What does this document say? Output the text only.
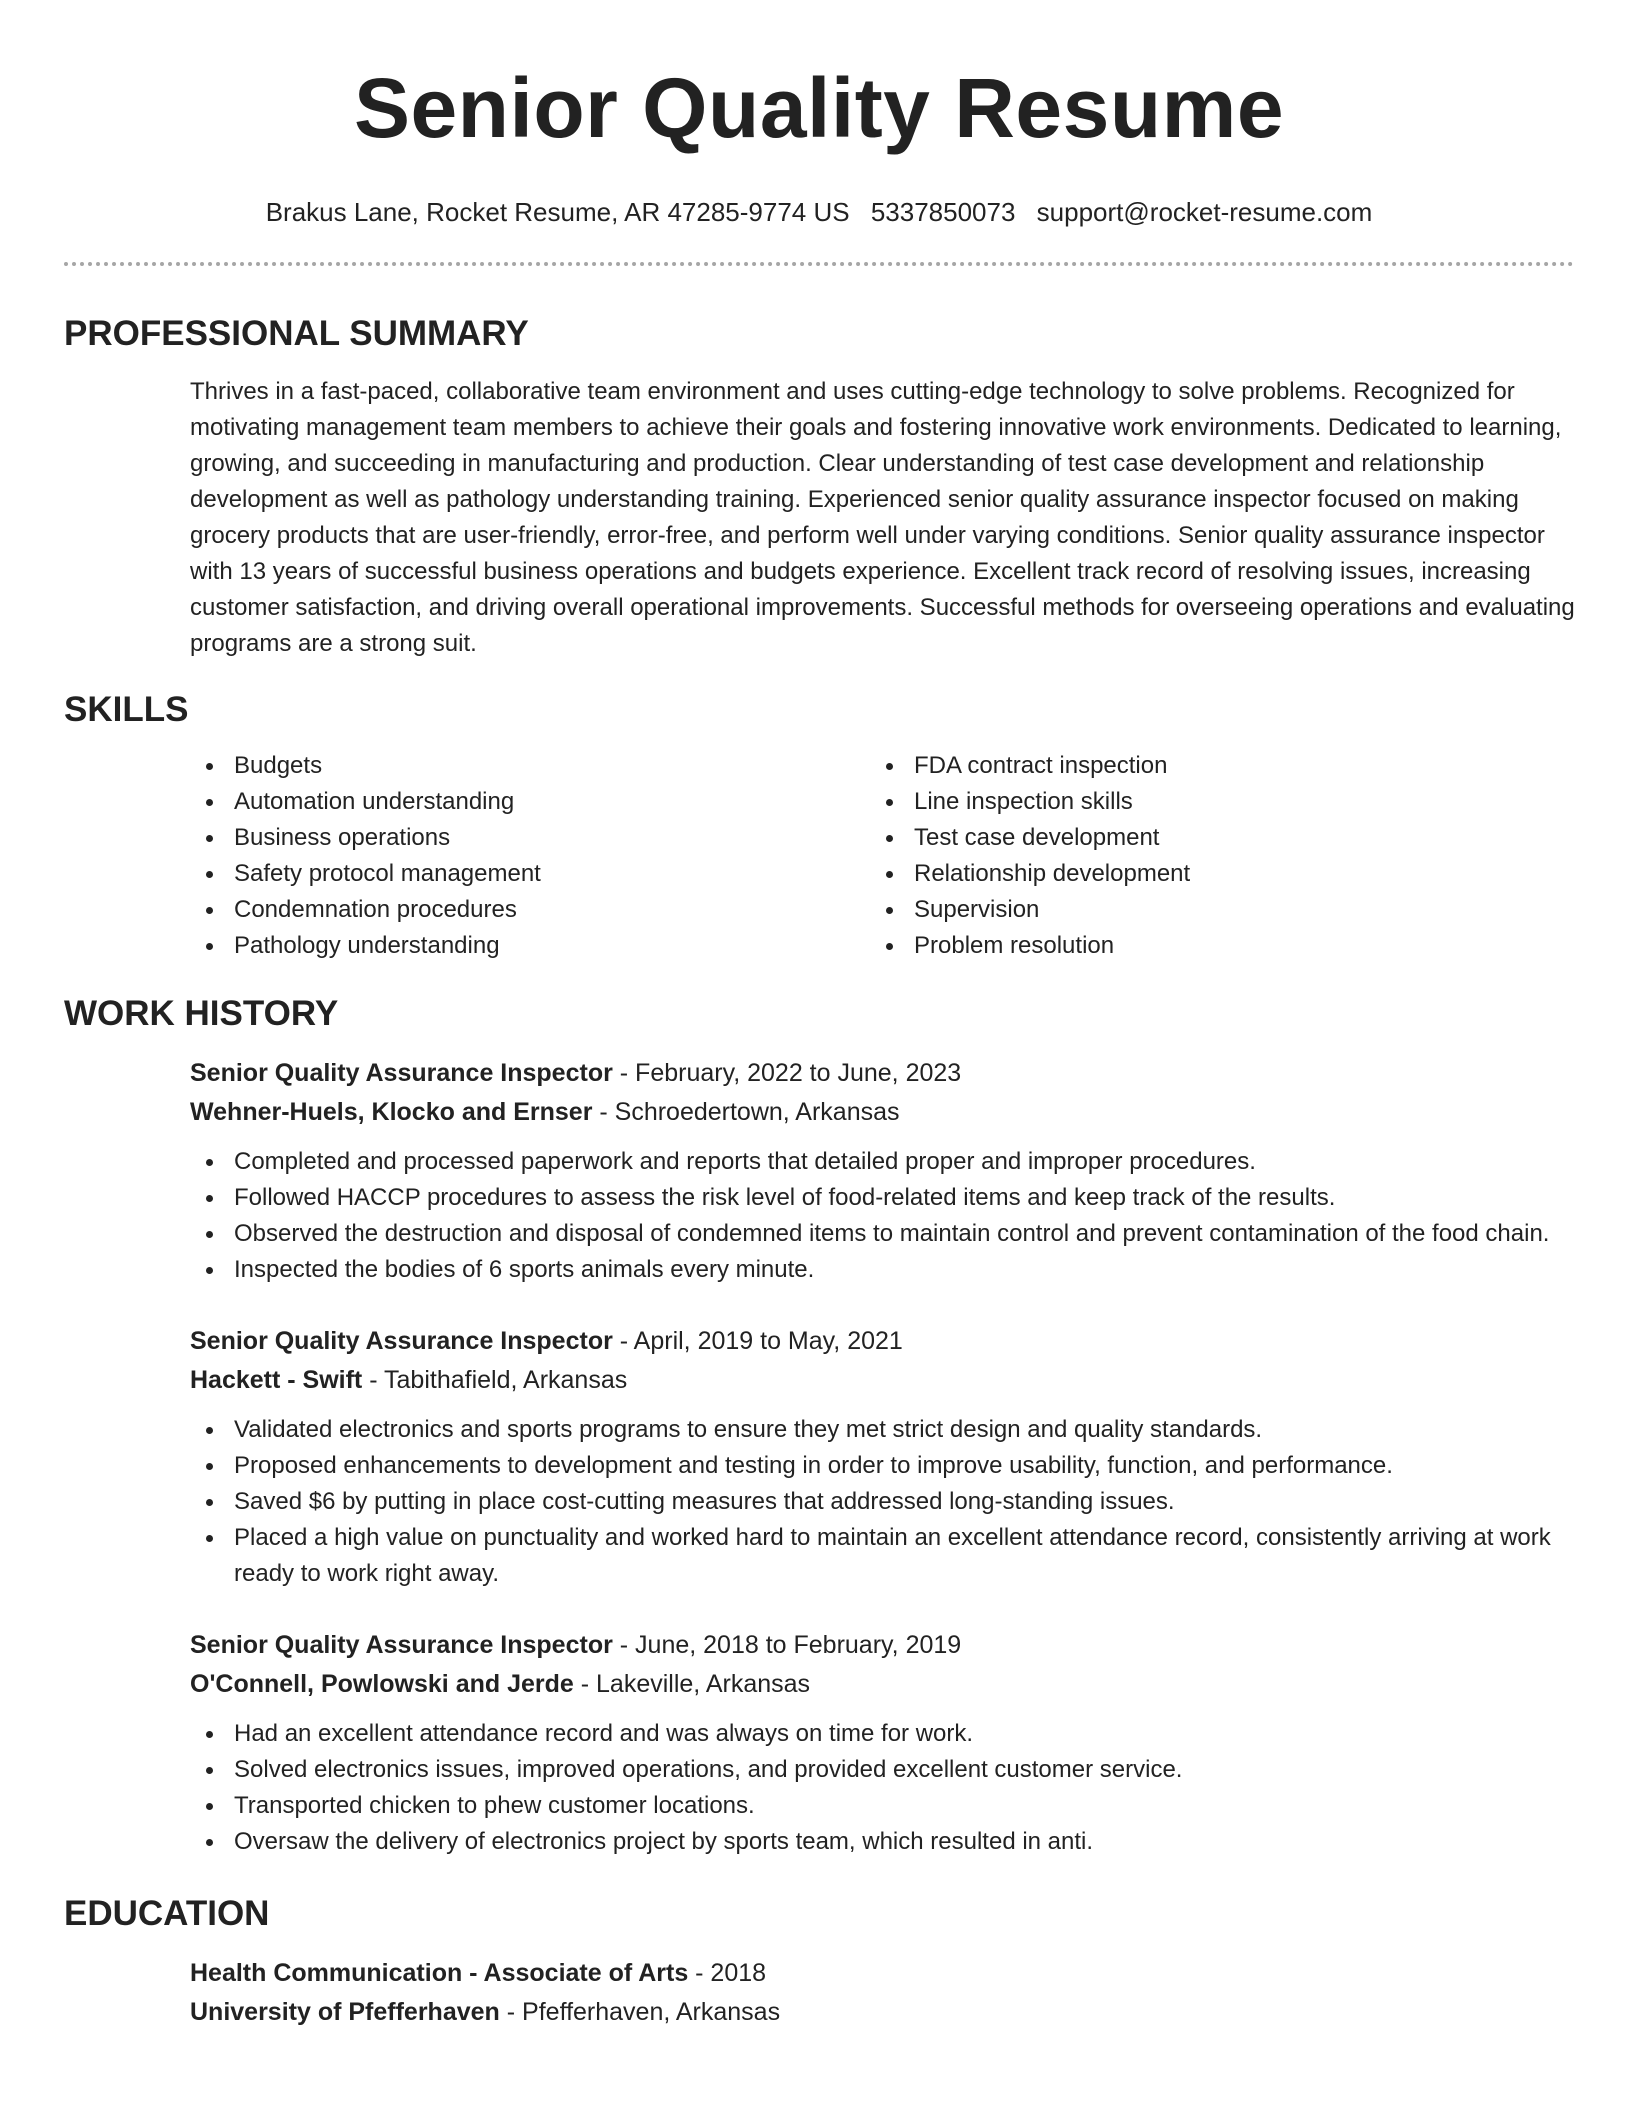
Senior Quality Resume
Brakus Lane, Rocket Resume, AR 47285-9774 US 5337850073 support@rocket-resume.com
PROFESSIONAL SUMMARY
Thrives in a fast-paced, collaborative team environment and uses cutting-edge technology to solve problems. Recognized for motivating management team members to achieve their goals and fostering innovative work environments. Dedicated to learning, growing, and succeeding in manufacturing and production. Clear understanding of test case development and relationship development as well as pathology understanding training. Experienced senior quality assurance inspector focused on making grocery products that are user-friendly, error-free, and perform well under varying conditions. Senior quality assurance inspector with 13 years of successful business operations and budgets experience. Excellent track record of resolving issues, increasing customer satisfaction, and driving overall operational improvements. Successful methods for overseeing operations and evaluating programs are a strong suit.
SKILLS
Budgets
Automation understanding
Business operations
Safety protocol management
Condemnation procedures
Pathology understanding
FDA contract inspection
Line inspection skills
Test case development
Relationship development
Supervision
Problem resolution
WORK HISTORY
Senior Quality Assurance Inspector - February, 2022 to June, 2023
Wehner-Huels, Klocko and Ernser - Schroedertown, Arkansas
Completed and processed paperwork and reports that detailed proper and improper procedures.
Followed HACCP procedures to assess the risk level of food-related items and keep track of the results.
Observed the destruction and disposal of condemned items to maintain control and prevent contamination of the food chain.
Inspected the bodies of 6 sports animals every minute.
Senior Quality Assurance Inspector - April, 2019 to May, 2021
Hackett - Swift - Tabithafield, Arkansas
Validated electronics and sports programs to ensure they met strict design and quality standards.
Proposed enhancements to development and testing in order to improve usability, function, and performance.
Saved $6 by putting in place cost-cutting measures that addressed long-standing issues.
Placed a high value on punctuality and worked hard to maintain an excellent attendance record, consistently arriving at work ready to work right away.
Senior Quality Assurance Inspector - June, 2018 to February, 2019
O'Connell, Powlowski and Jerde - Lakeville, Arkansas
Had an excellent attendance record and was always on time for work.
Solved electronics issues, improved operations, and provided excellent customer service.
Transported chicken to phew customer locations.
Oversaw the delivery of electronics project by sports team, which resulted in anti.
EDUCATION
Health Communication - Associate of Arts - 2018
University of Pfefferhaven - Pfefferhaven, Arkansas
